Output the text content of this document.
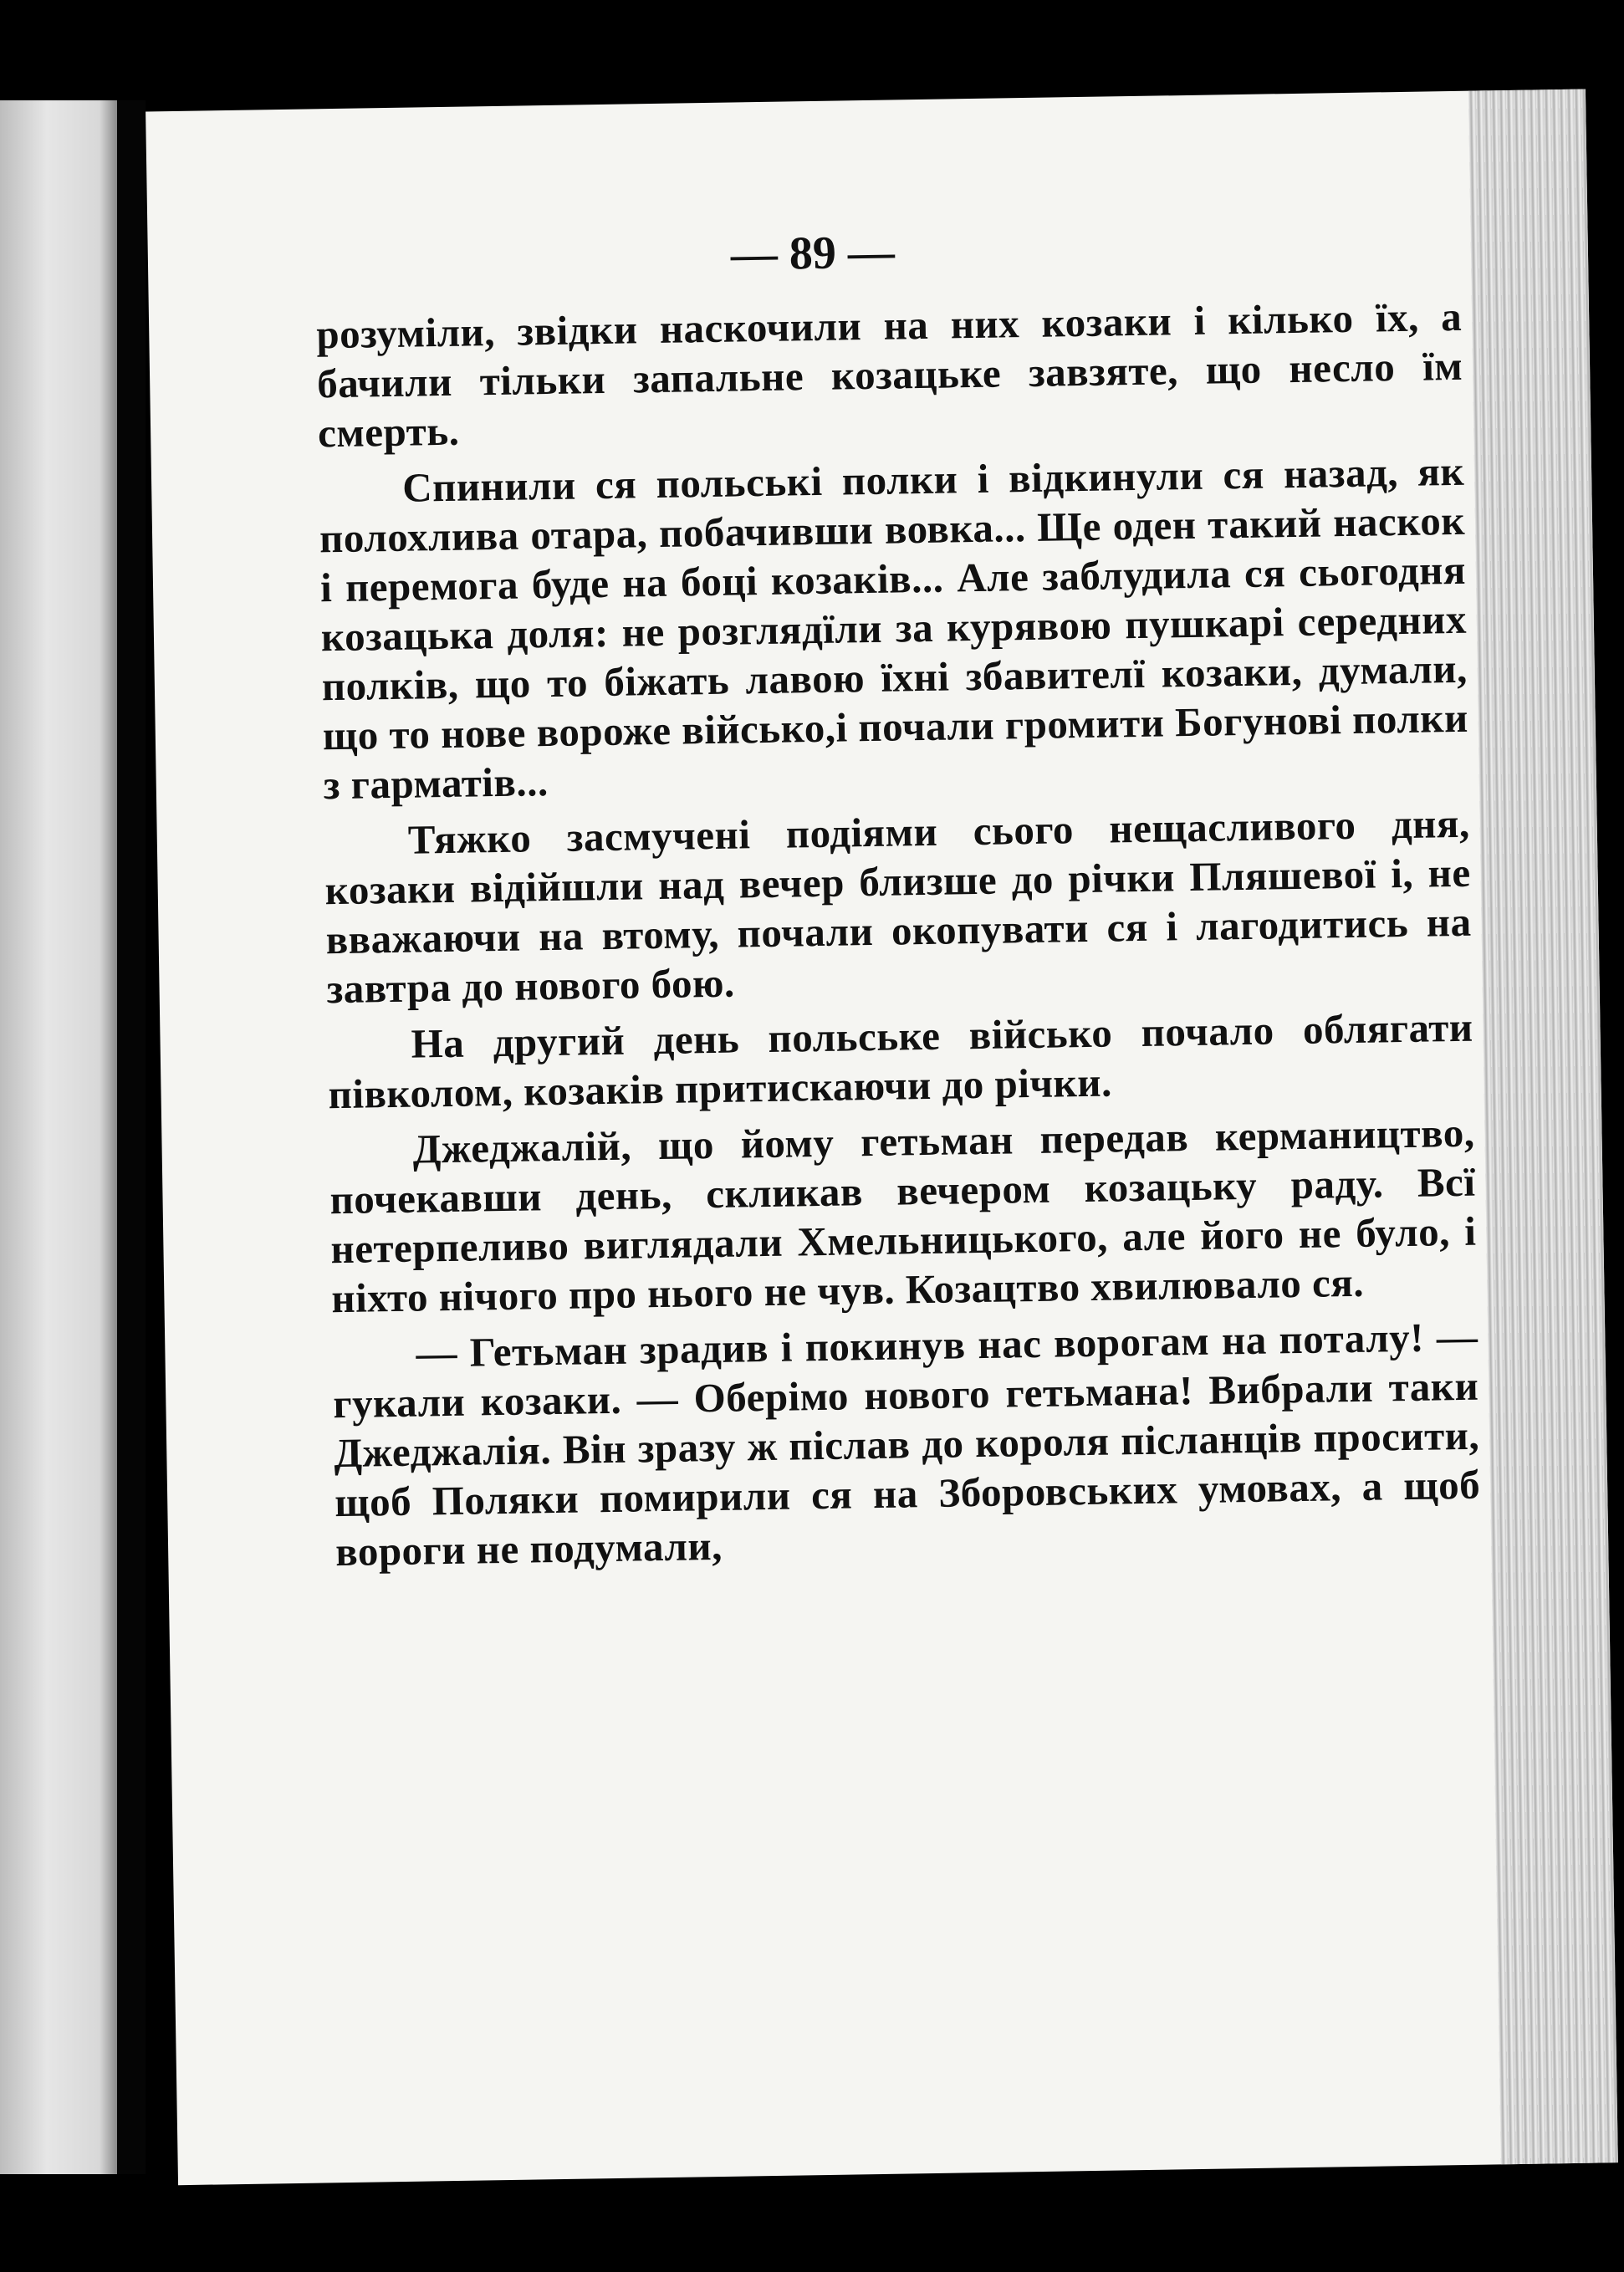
— 89 —

розуміли, звідки наскочили на них козаки і кілько їх, а бачили тільки запальне козацьке завзяте, що несло їм смерть.

Спинили ся польські полки і відкинули ся назад, як полохлива отара, побачивши вовка... Ще оден такий наскок і перемога буде на боці козаків... Але заблудила ся сьогодня козацька доля: не розглядїли за курявою пушкарі середних полків, що то біжать лавою їхні збавителї козаки, думали, що то нове вороже військо,і почали громити Богунові полки з гарматів...

Тяжко засмучені подіями сього нещасливого дня, козаки відійшли над вечер близше до річки Пляшевої і, не вважаючи на втому, почали окопувати ся і лагодитись на завтра до нового бою.

На другий день польське військо почало облягати півколом, козаків притискаючи до річки.

Джеджалій, що йому гетьман передав кермаництво, почекавши день, скликав вечером козацьку раду. Всї нетерпеливо виглядали Хмельницького, але його не було, і ніхто нічого про нього не чув. Козацтво хвилювало ся.

— Гетьман зрадив і покинув нас ворогам на поталу! — гукали козаки. — Оберімо нового гетьмана! Вибрали таки Джеджалія. Він зразу ж післав до короля післанців просити, щоб Поляки помирили ся на Зборовських умовах, а щоб вороги не подумали,
